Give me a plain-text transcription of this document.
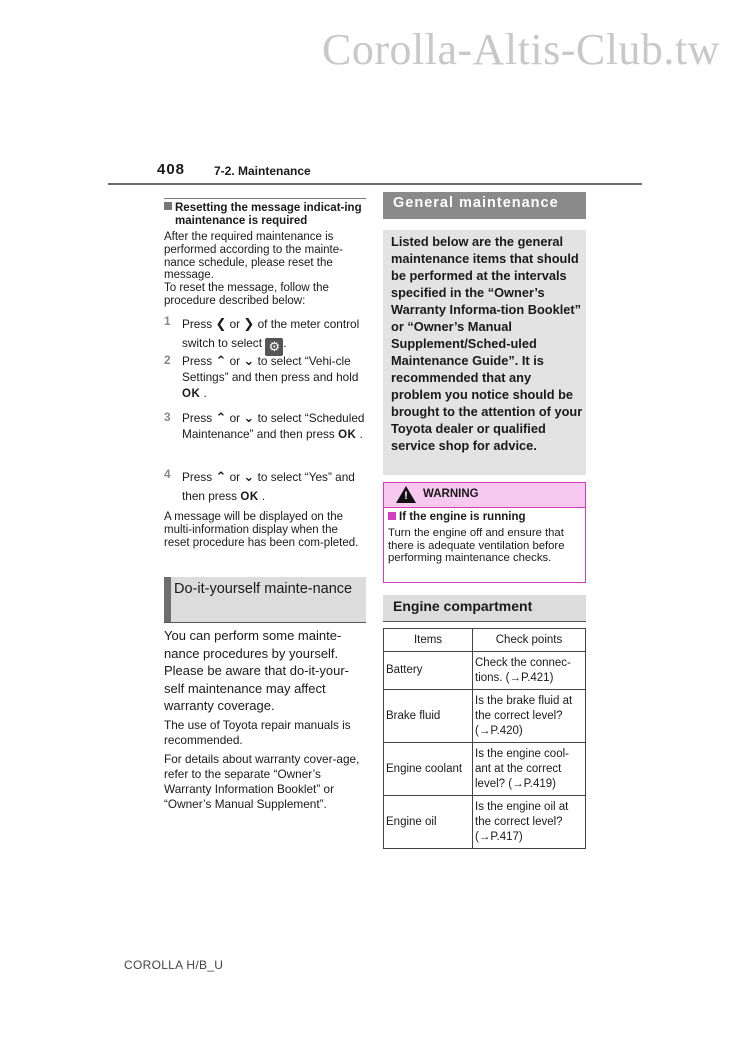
Corolla-Altis-Club.tw
408 7-2. Maintenance
Resetting the message indicat-ing maintenance is required
After the required maintenance is performed according to the mainte-nance schedule, please reset the message.
To reset the message, follow the procedure described below:
1 Press ❮ or ❯ of the meter control switch to select ⚙ .
2 Press ⌃ or ⌄ to select “Vehi-cle Settings” and then press and hold OK .
3 Press ⌃ or ⌄ to select “Scheduled Maintenance” and then press OK .
4 Press ⌃ or ⌄ to select “Yes” and then press OK .
A message will be displayed on the multi-information display when the reset procedure has been com-pleted.
Do-it-yourself mainte-nance
You can perform some mainte-nance procedures by yourself. Please be aware that do-it-your-self maintenance may affect warranty coverage.
The use of Toyota repair manuals is recommended.
For details about warranty cover-age, refer to the separate “Owner’s Warranty Information Booklet” or “Owner’s Manual Supplement”.
General maintenance
Listed below are the general maintenance items that should be performed at the intervals specified in the “Owner’s Warranty Informa-tion Booklet” or “Owner’s Manual Supplement/Sched-uled Maintenance Guide”. It is recommended that any problem you notice should be brought to the attention of your Toyota dealer or qualified service shop for advice.
! WARNING
If the engine is running
Turn the engine off and ensure that there is adequate ventilation before performing maintenance checks.
Engine compartment
Items	Check points
Battery	Check the connec-tions. (→P.421)
Brake fluid	Is the brake fluid at the correct level? (→P.420)
Engine coolant	Is the engine cool-ant at the correct level? (→P.419)
Engine oil	Is the engine oil at the correct level? (→P.417)
COROLLA H/B_U
